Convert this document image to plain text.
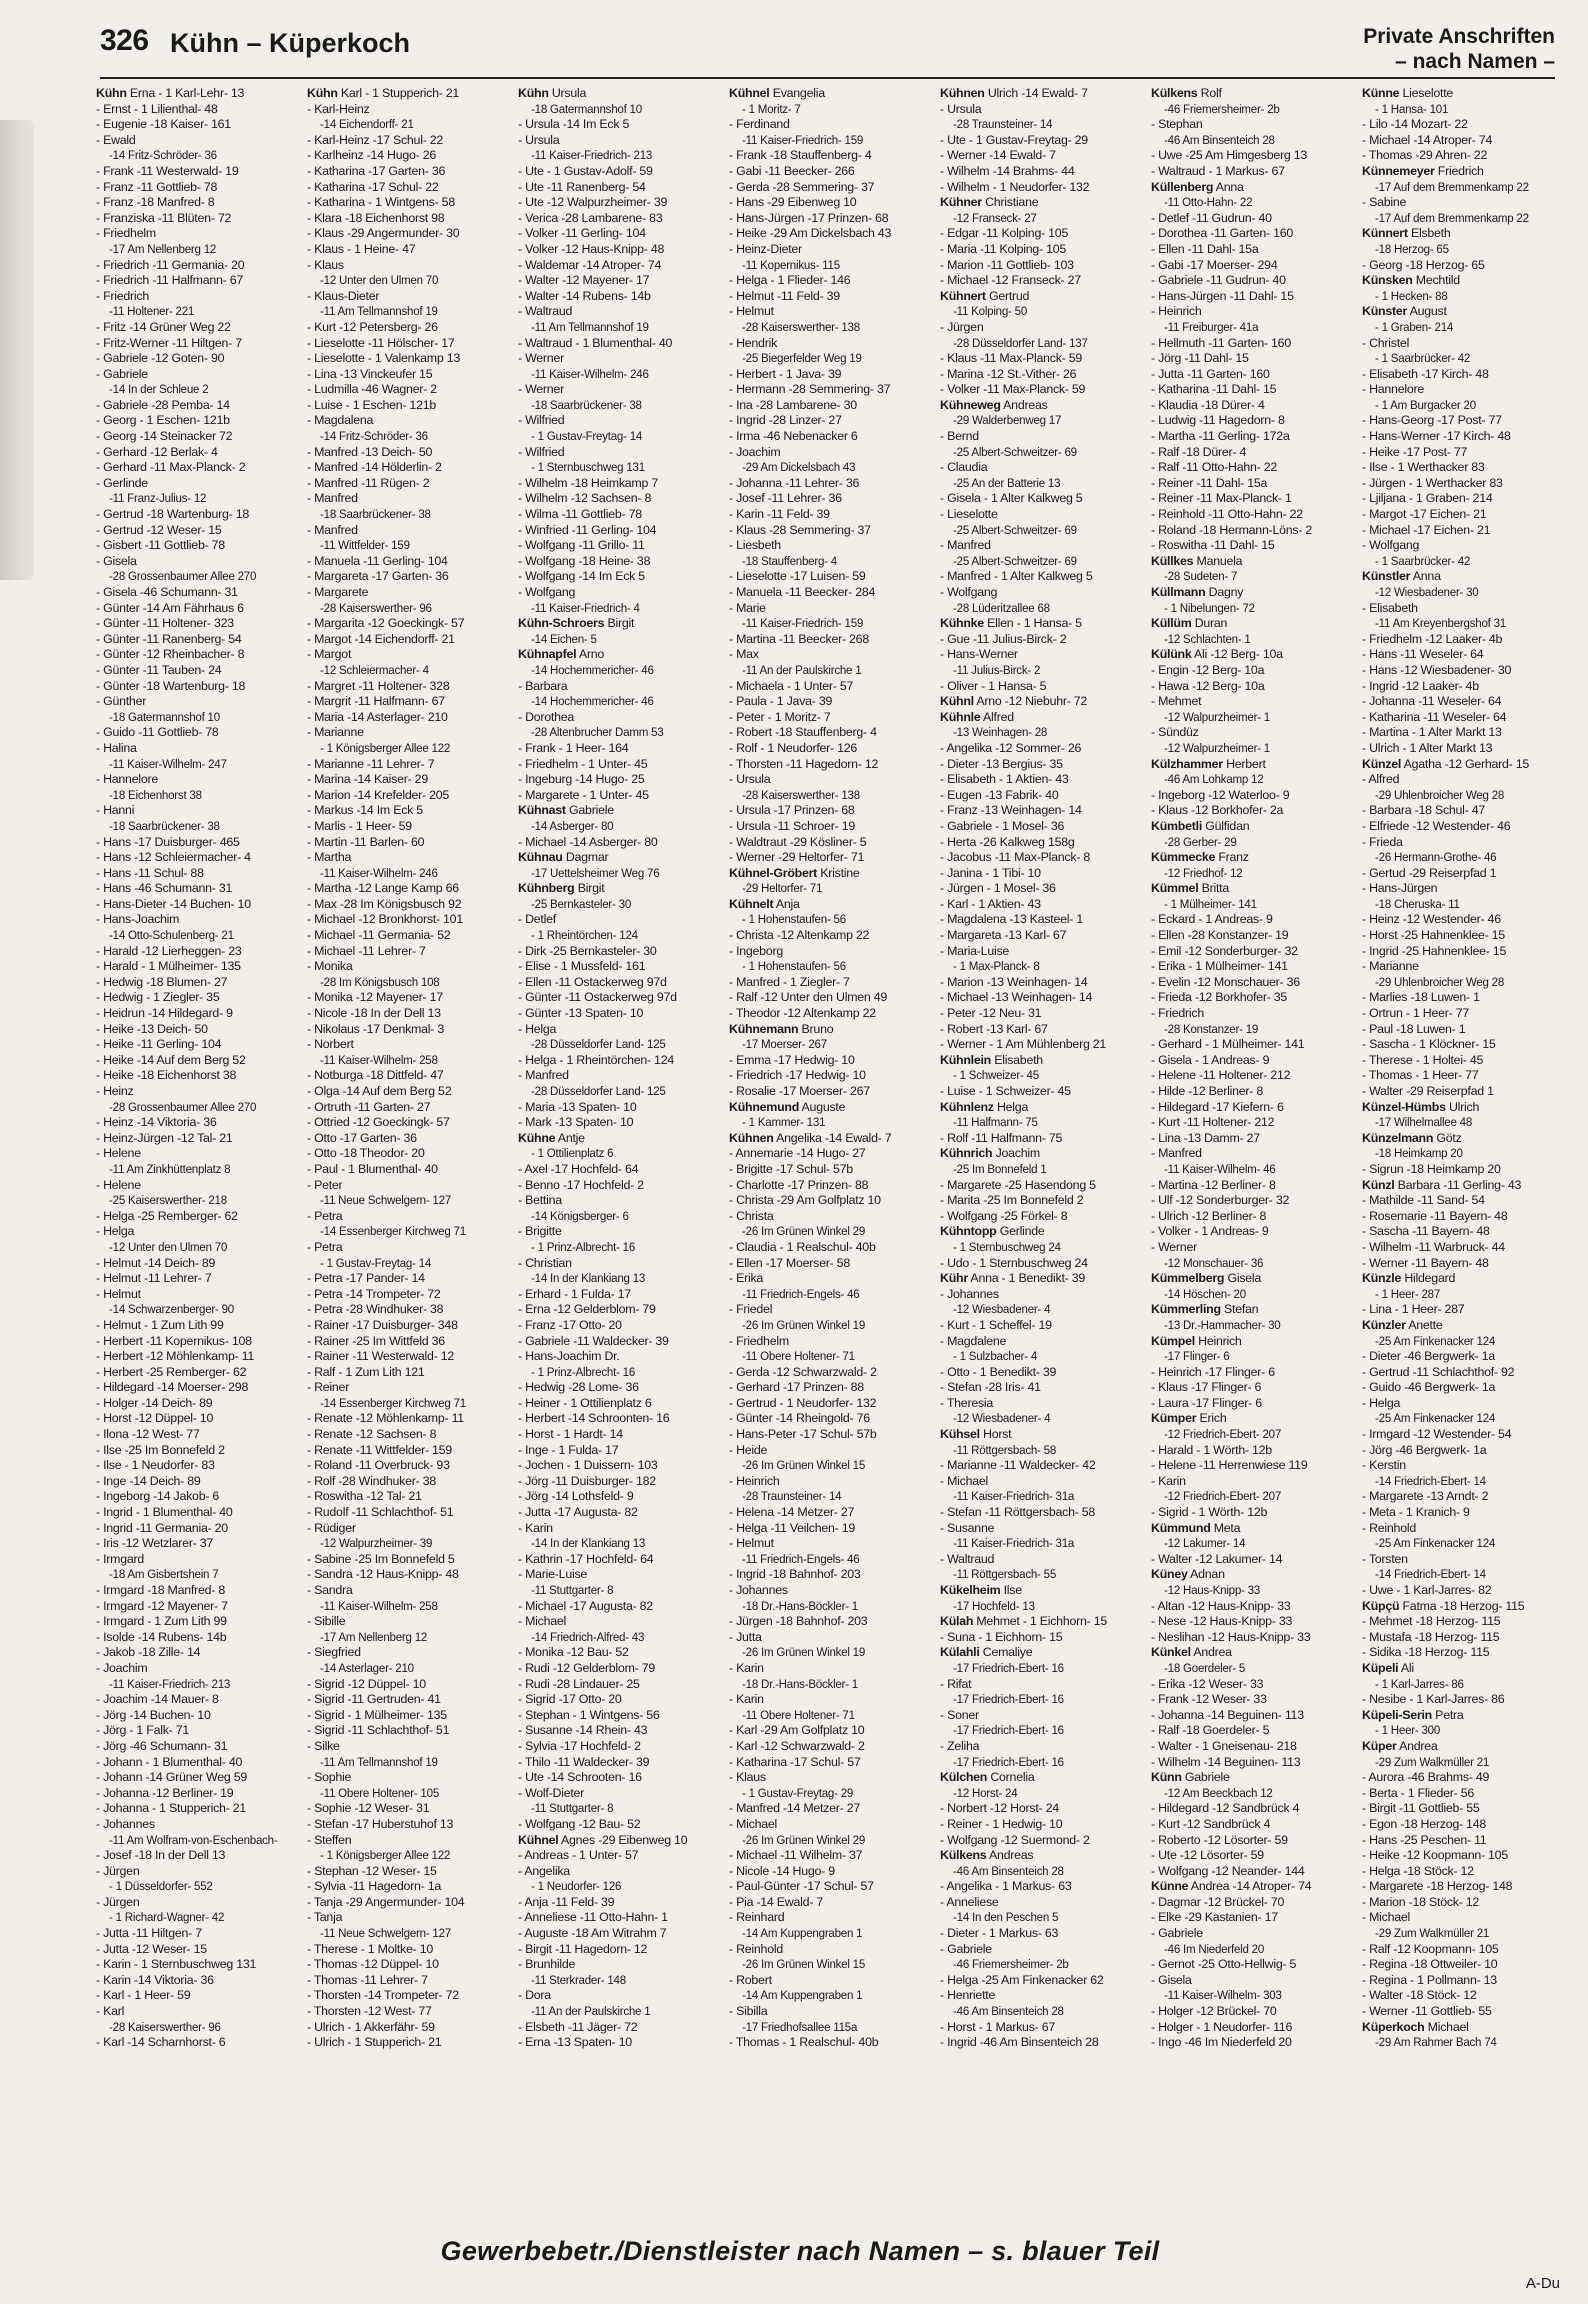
326 Kühn – Küperkoch	Private Anschriften
– nach Namen –
Kühn Erna - 1 Karl-Lehr- 13
- Ernst - 1 Lilienthal- 48
- Eugenie -18 Kaiser- 161
- Ewald
-14 Fritz-Schröder- 36
- Frank -11 Westerwald- 19
- Franz -11 Gottlieb- 78
- Franz -18 Manfred- 8
- Franziska -11 Blüten- 72
- Friedhelm
-17 Am Nellenberg 12
- Friedrich -11 Germania- 20
- Friedrich -11 Halfmann- 67
- Friedrich
-11 Holtener- 221
- Fritz -14 Grüner Weg 22
- Fritz-Werner -11 Hiltgen- 7
- Gabriele -12 Goten- 90
- Gabriele
-14 In der Schleue 2
- Gabriele -28 Pemba- 14
- Georg - 1 Eschen- 121b
- Georg -14 Steinacker 72
- Gerhard -12 Berlak- 4
- Gerhard -11 Max-Planck- 2
- Gerlinde
-11 Franz-Julius- 12
- Gertrud -18 Wartenburg- 18
- Gertrud -12 Weser- 15
- Gisbert -11 Gottlieb- 78
- Gisela
-28 Grossenbaumer Allee 270
- Gisela -46 Schumann- 31
- Günter -14 Am Fährhaus 6
- Günter -11 Holtener- 323
- Günter -11 Ranenberg- 54
- Günter -12 Rheinbacher- 8
- Günter -11 Tauben- 24
- Günter -18 Wartenburg- 18
- Günther
-18 Gatermannshof 10
- Guido -11 Gottlieb- 78
- Halina
-11 Kaiser-Wilhelm- 247
- Hannelore
-18 Eichenhorst 38
- Hanni
-18 Saarbrückener- 38
- Hans -17 Duisburger- 465
- Hans -12 Schleiermacher- 4
- Hans -11 Schul- 88
- Hans -46 Schumann- 31
- Hans-Dieter -14 Buchen- 10
- Hans-Joachim
-14 Otto-Schulenberg- 21
- Harald -12 Lierheggen- 23
- Harald - 1 Mülheimer- 135
- Hedwig -18 Blumen- 27
- Hedwig - 1 Ziegler- 35
- Heidrun -14 Hildegard- 9
- Heike -13 Deich- 50
- Heike -11 Gerling- 104
- Heike -14 Auf dem Berg 52
- Heike -18 Eichenhorst 38
- Heinz
-28 Grossenbaumer Allee 270
- Heinz -14 Viktoria- 36
- Heinz-Jürgen -12 Tal- 21
- Helene
-11 Am Zinkhüttenplatz 8
- Helene
-25 Kaiserswerther- 218
- Helga -25 Remberger- 62
- Helga
-12 Unter den Ulmen 70
- Helmut -14 Deich- 89
- Helmut -11 Lehrer- 7
- Helmut
-14 Schwarzenberger- 90
- Helmut - 1 Zum Lith 99
- Herbert -11 Kopernikus- 108
- Herbert -12 Möhlenkamp- 11
- Herbert -25 Remberger- 62
- Hildegard -14 Moerser- 298
- Holger -14 Deich- 89
- Horst -12 Düppel- 10
- Ilona -12 West- 77
- Ilse -25 Im Bonnefeld 2
- Ilse - 1 Neudorfer- 83
- Inge -14 Deich- 89
- Ingeborg -14 Jakob- 6
- Ingrid - 1 Blumenthal- 40
- Ingrid -11 Germania- 20
- Iris -12 Wetzlarer- 37
- Irmgard
-18 Am Gisbertshein 7
- Irmgard -18 Manfred- 8
- Irmgard -12 Mayener- 7
- Irmgard - 1 Zum Lith 99
- Isolde -14 Rubens- 14b
- Jakob -18 Zille- 14
- Joachim
-11 Kaiser-Friedrich- 213
- Joachim -14 Mauer- 8
- Jörg -14 Buchen- 10
- Jörg - 1 Falk- 71
- Jörg -46 Schumann- 31
- Johann - 1 Blumenthal- 40
- Johann -14 Grüner Weg 59
- Johanna -12 Berliner- 19
- Johanna - 1 Stupperich- 21
- Johannes
-11 Am Wolfram-von-Eschenbach-
- Josef -18 In der Dell 13
- Jürgen
- 1 Düsseldorfer- 552
- Jürgen
- 1 Richard-Wagner- 42
- Jutta -11 Hiltgen- 7
- Jutta -12 Weser- 15
- Karin - 1 Sternbuschweg 131
- Karin -14 Viktoria- 36
- Karl - 1 Heer- 59
- Karl
-28 Kaiserswerther- 96
- Karl -14 Scharnhorst- 6
Kühn Karl - 1 Stupperich- 21
- Karl-Heinz
-14 Eichendorff- 21
- Karl-Heinz -17 Schul- 22
- Karlheinz -14 Hugo- 26
- Katharina -17 Garten- 36
- Katharina -17 Schul- 22
- Katharina - 1 Wintgens- 58
- Klara -18 Eichenhorst 98
- Klaus -29 Angermunder- 30
- Klaus - 1 Heine- 47
- Klaus
-12 Unter den Ulmen 70
- Klaus-Dieter
-11 Am Tellmannshof 19
- Kurt -12 Petersberg- 26
- Lieselotte -11 Hölscher- 17
- Lieselotte - 1 Valenkamp 13
- Lina -13 Vinckeufer 15
- Ludmilla -46 Wagner- 2
- Luise - 1 Eschen- 121b
- Magdalena
-14 Fritz-Schröder- 36
- Manfred -13 Deich- 50
- Manfred -14 Hölderlin- 2
- Manfred -11 Rügen- 2
- Manfred
-18 Saarbrückener- 38
- Manfred
-11 Wittfelder- 159
- Manuela -11 Gerling- 104
- Margareta -17 Garten- 36
- Margarete
-28 Kaiserswerther- 96
- Margarita -12 Goeckingk- 57
- Margot -14 Eichendorff- 21
- Margot
-12 Schleiermacher- 4
- Margret -11 Holtener- 328
- Margrit -11 Halfmann- 67
- Maria -14 Asterlager- 210
- Marianne
- 1 Königsberger Allee 122
- Marianne -11 Lehrer- 7
- Marina -14 Kaiser- 29
- Marion -14 Krefelder- 205
- Markus -14 Im Eck 5
- Marlis - 1 Heer- 59
- Martin -11 Barlen- 60
- Martha
-11 Kaiser-Wilhelm- 246
- Martha -12 Lange Kamp 66
- Max -28 Im Königsbusch 92
- Michael -12 Bronkhorst- 101
- Michael -11 Germania- 52
- Michael -11 Lehrer- 7
- Monika
-28 Im Königsbusch 108
- Monika -12 Mayener- 17
- Nicole -18 In der Dell 13
- Nikolaus -17 Denkmal- 3
- Norbert
-11 Kaiser-Wilhelm- 258
- Notburga -18 Dittfeld- 47
- Olga -14 Auf dem Berg 52
- Ortruth -11 Garten- 27
- Ottried -12 Goeckingk- 57
- Otto -17 Garten- 36
- Otto -18 Theodor- 20
- Paul - 1 Blumenthal- 40
- Peter
-11 Neue Schwelgern- 127
- Petra
-14 Essenberger Kirchweg 71
- Petra
- 1 Gustav-Freytag- 14
- Petra -17 Pander- 14
- Petra -14 Trompeter- 72
- Petra -28 Windhuker- 38
- Rainer -17 Duisburger- 348
- Rainer -25 Im Wittfeld 36
- Rainer -11 Westerwald- 12
- Ralf - 1 Zum Lith 121
- Reiner
-14 Essenberger Kirchweg 71
- Renate -12 Möhlenkamp- 11
- Renate -12 Sachsen- 8
- Renate -11 Wittfelder- 159
- Roland -11 Overbruck- 93
- Rolf -28 Windhuker- 38
- Roswitha -12 Tal- 21
- Rudolf -11 Schlachthof- 51
- Rüdiger
-12 Walpurzheimer- 39
- Sabine -25 Im Bonnefeld 5
- Sandra -12 Haus-Knipp- 48
- Sandra
-11 Kaiser-Wilhelm- 258
- Sibille
-17 Am Nellenberg 12
- Siegfried
-14 Asterlager- 210
- Sigrid -12 Düppel- 10
- Sigrid -11 Gertruden- 41
- Sigrid - 1 Mülheimer- 135
- Sigrid -11 Schlachthof- 51
- Silke
-11 Am Tellmannshof 19
- Sophie
-11 Obere Holtener- 105
- Sophie -12 Weser- 31
- Stefan -17 Huberstuhof 13
- Steffen
- 1 Königsberger Allee 122
- Stephan -12 Weser- 15
- Sylvia -11 Hagedorn- 1a
- Tanja -29 Angermunder- 104
- Tanja
-11 Neue Schwelgern- 127
- Therese - 1 Moltke- 10
- Thomas -12 Düppel- 10
- Thomas -11 Lehrer- 7
- Thorsten -14 Trompeter- 72
- Thorsten -12 West- 77
- Ulrich - 1 Akkerfähr- 59
- Ulrich - 1 Stupperich- 21
Kühn Ursula
-18 Gatermannshof 10
- Ursula -14 Im Eck 5
- Ursula
-11 Kaiser-Friedrich- 213
- Ute - 1 Gustav-Adolf- 59
- Ute -11 Ranenberg- 54
- Ute -12 Walpurzheimer- 39
- Verica -28 Lambarene- 83
- Volker -11 Gerling- 104
- Volker -12 Haus-Knipp- 48
- Waldemar -14 Atroper- 74
- Walter -12 Mayener- 17
- Walter -14 Rubens- 14b
- Waltraud
-11 Am Tellmannshof 19
- Waltraud - 1 Blumenthal- 40
- Werner
-11 Kaiser-Wilhelm- 246
- Werner
-18 Saarbrückener- 38
- Wilfried
- 1 Gustav-Freytag- 14
- Wilfried
- 1 Sternbuschweg 131
- Wilhelm -18 Heimkamp 7
- Wilhelm -12 Sachsen- 8
- Wilma -11 Gottlieb- 78
- Winfried -11 Gerling- 104
- Wolfgang -11 Grillo- 11
- Wolfgang -18 Heine- 38
- Wolfgang -14 Im Eck 5
- Wolfgang
-11 Kaiser-Friedrich- 4
Kühn-Schroers Birgit
-14 Eichen- 5
Kühnapfel Arno
-14 Hochemmericher- 46
- Barbara
-14 Hochemmericher- 46
- Dorothea
-28 Altenbrucher Damm 53
- Frank - 1 Heer- 164
- Friedhelm - 1 Unter- 45
- Ingeburg -14 Hugo- 25
- Margarete - 1 Unter- 45
Kühnast Gabriele
-14 Asberger- 80
- Michael -14 Asberger- 80
Kühnau Dagmar
-17 Uettelsheimer Weg 76
Kühnberg Birgit
-25 Bernkasteler- 30
- Detlef
- 1 Rheintörchen- 124
- Dirk -25 Bernkasteler- 30
- Elise - 1 Mussfeld- 161
- Ellen -11 Ostackerweg 97d
- Günter -11 Ostackerweg 97d
- Günter -13 Spaten- 10
- Helga
-28 Düsseldorfer Land- 125
- Helga - 1 Rheintörchen- 124
- Manfred
-28 Düsseldorfer Land- 125
- Maria -13 Spaten- 10
- Mark -13 Spaten- 10
Kühne Antje
- 1 Ottilienplatz 6
- Axel -17 Hochfeld- 64
- Benno -17 Hochfeld- 2
- Bettina
-14 Königsberger- 6
- Brigitte
- 1 Prinz-Albrecht- 16
- Christian
-14 In der Klankiang 13
- Erhard - 1 Fulda- 17
- Erna -12 Gelderblom- 79
- Franz -17 Otto- 20
- Gabriele -11 Waldecker- 39
- Hans-Joachim Dr.
- 1 Prinz-Albrecht- 16
- Hedwig -28 Lome- 36
- Heiner - 1 Ottilienplatz 6
- Herbert -14 Schroonten- 16
- Horst - 1 Hardt- 14
- Inge - 1 Fulda- 17
- Jochen - 1 Duissern- 103
- Jörg -11 Duisburger- 182
- Jörg -14 Lothsfeld- 9
- Jutta -17 Augusta- 82
- Karin
-14 In der Klankiang 13
- Kathrin -17 Hochfeld- 64
- Marie-Luise
-11 Stuttgarter- 8
- Michael -17 Augusta- 82
- Michael
-14 Friedrich-Alfred- 43
- Monika -12 Bau- 52
- Rudi -12 Gelderblom- 79
- Rudi -28 Lindauer- 25
- Sigrid -17 Otto- 20
- Stephan - 1 Wintgens- 56
- Susanne -14 Rhein- 43
- Sylvia -17 Hochfeld- 2
- Thilo -11 Waldecker- 39
- Ute -14 Schrooten- 16
- Wolf-Dieter
-11 Stuttgarter- 8
- Wolfgang -12 Bau- 52
Kühnel Agnes -29 Eibenweg 10
- Andreas - 1 Unter- 57
- Angelika
- 1 Neudorfer- 126
- Anja -11 Feld- 39
- Anneliese -11 Otto-Hahn- 1
- Auguste -18 Am Witrahm 7
- Birgit -11 Hagedorn- 12
- Brunhilde
-11 Sterkrader- 148
- Dora
-11 An der Paulskirche 1
- Elsbeth -11 Jäger- 72
- Erna -13 Spaten- 10
Kühnel Evangelia
- 1 Moritz- 7
- Ferdinand
-11 Kaiser-Friedrich- 159
- Frank -18 Stauffenberg- 4
- Gabi -11 Beecker- 266
- Gerda -28 Semmering- 37
- Hans -29 Eibenweg 10
- Hans-Jürgen -17 Prinzen- 68
- Heike -29 Am Dickelsbach 43
- Heinz-Dieter
-11 Kopernikus- 115
- Helga - 1 Flieder- 146
- Helmut -11 Feld- 39
- Helmut
-28 Kaiserswerther- 138
- Hendrik
-25 Biegerfelder Weg 19
- Herbert - 1 Java- 39
- Hermann -28 Semmering- 37
- Ina -28 Lambarene- 30
- Ingrid -28 Linzer- 27
- Irma -46 Nebenacker 6
- Joachim
-29 Am Dickelsbach 43
- Johanna -11 Lehrer- 36
- Josef -11 Lehrer- 36
- Karin -11 Feld- 39
- Klaus -28 Semmering- 37
- Liesbeth
-18 Stauffenberg- 4
- Lieselotte -17 Luisen- 59
- Manuela -11 Beecker- 284
- Marie
-11 Kaiser-Friedrich- 159
- Martina -11 Beecker- 268
- Max
-11 An der Paulskirche 1
- Michaela - 1 Unter- 57
- Paula - 1 Java- 39
- Peter - 1 Moritz- 7
- Robert -18 Stauffenberg- 4
- Rolf - 1 Neudorfer- 126
- Thorsten -11 Hagedorn- 12
- Ursula
-28 Kaiserswerther- 138
- Ursula -17 Prinzen- 68
- Ursula -11 Schroer- 19
- Waldtraut -29 Kösliner- 5
- Werner -29 Heltorfer- 71
Kühnel-Gröbert Kristine
-29 Heltorfer- 71
Kühnelt Anja
- 1 Hohenstaufen- 56
- Christa -12 Altenkamp 22
- Ingeborg
- 1 Hohenstaufen- 56
- Manfred - 1 Ziegler- 7
- Ralf -12 Unter den Ulmen 49
- Theodor -12 Altenkamp 22
Kühnemann Bruno
-17 Moerser- 267
- Emma -17 Hedwig- 10
- Friedrich -17 Hedwig- 10
- Rosalie -17 Moerser- 267
Kühnemund Auguste
- 1 Kammer- 131
Kühnen Angelika -14 Ewald- 7
- Annemarie -14 Hugo- 27
- Brigitte -17 Schul- 57b
- Charlotte -17 Prinzen- 88
- Christa -29 Am Golfplatz 10
- Christa
-26 Im Grünen Winkel 29
- Claudia - 1 Realschul- 40b
- Ellen -17 Moerser- 58
- Erika
-11 Friedrich-Engels- 46
- Friedel
-26 Im Grünen Winkel 19
- Friedhelm
-11 Obere Holtener- 71
- Gerda -12 Schwarzwald- 2
- Gerhard -17 Prinzen- 88
- Gertrud - 1 Neudorfer- 132
- Günter -14 Rheingold- 76
- Hans-Peter -17 Schul- 57b
- Heide
-26 Im Grünen Winkel 15
- Heinrich
-28 Traunsteiner- 14
- Helena -14 Metzer- 27
- Helga -11 Veilchen- 19
- Helmut
-11 Friedrich-Engels- 46
- Ingrid -18 Bahnhof- 203
- Johannes
-18 Dr.-Hans-Böckler- 1
- Jürgen -18 Bahnhof- 203
- Jutta
-26 Im Grünen Winkel 19
- Karin
-18 Dr.-Hans-Böckler- 1
- Karin
-11 Obere Holtener- 71
- Karl -29 Am Golfplatz 10
- Karl -12 Schwarzwald- 2
- Katharina -17 Schul- 57
- Klaus
- 1 Gustav-Freytag- 29
- Manfred -14 Metzer- 27
- Michael
-26 Im Grünen Winkel 29
- Michael -11 Wilhelm- 37
- Nicole -14 Hugo- 9
- Paul-Günter -17 Schul- 57
- Pia -14 Ewald- 7
- Reinhard
-14 Am Kuppengraben 1
- Reinhold
-26 Im Grünen Winkel 15
- Robert
-14 Am Kuppengraben 1
- Sibilla
-17 Friedhofsallee 115a
- Thomas - 1 Realschul- 40b
Kühnen Ulrich -14 Ewald- 7
- Ursula
-28 Traunsteiner- 14
- Ute - 1 Gustav-Freytag- 29
- Werner -14 Ewald- 7
- Wilhelm -14 Brahms- 44
- Wilhelm - 1 Neudorfer- 132
Kühner Christiane
-12 Franseck- 27
- Edgar -11 Kolping- 105
- Maria -11 Kolping- 105
- Marion -11 Gottlieb- 103
- Michael -12 Franseck- 27
Kühnert Gertrud
-11 Kolping- 50
- Jürgen
-28 Düsseldorfer Land- 137
- Klaus -11 Max-Planck- 59
- Marina -12 St.-Vither- 26
- Volker -11 Max-Planck- 59
Kühneweg Andreas
-29 Walderbenweg 17
- Bernd
-25 Albert-Schweitzer- 69
- Claudia
-25 An der Batterie 13
- Gisela - 1 Alter Kalkweg 5
- Lieselotte
-25 Albert-Schweitzer- 69
- Manfred
-25 Albert-Schweitzer- 69
- Manfred - 1 Alter Kalkweg 5
- Wolfgang
-28 Lüderitzallee 68
Kühnke Ellen - 1 Hansa- 5
- Gue -11 Julius-Birck- 2
- Hans-Werner
-11 Julius-Birck- 2
- Oliver - 1 Hansa- 5
Kühnl Arno -12 Niebuhr- 72
Kühnle Alfred
-13 Weinhagen- 28
- Angelika -12 Sommer- 26
- Dieter -13 Bergius- 35
- Elisabeth - 1 Aktien- 43
- Eugen -13 Fabrik- 40
- Franz -13 Weinhagen- 14
- Gabriele - 1 Mosel- 36
- Herta -26 Kalkweg 158g
- Jacobus -11 Max-Planck- 8
- Janina - 1 Tibi- 10
- Jürgen - 1 Mosel- 36
- Karl - 1 Aktien- 43
- Magdalena -13 Kasteel- 1
- Margareta -13 Karl- 67
- Maria-Luise
- 1 Max-Planck- 8
- Marion -13 Weinhagen- 14
- Michael -13 Weinhagen- 14
- Peter -12 Neu- 31
- Robert -13 Karl- 67
- Werner - 1 Am Mühlenberg 21
Kühnlein Elisabeth
- 1 Schweizer- 45
- Luise - 1 Schweizer- 45
Kühnlenz Helga
-11 Halfmann- 75
- Rolf -11 Halfmann- 75
Kühnrich Joachim
-25 Im Bonnefeld 1
- Margarete -25 Hasendong 5
- Marita -25 Im Bonnefeld 2
- Wolfgang -25 Förkel- 8
Kühntopp Gerlinde
- 1 Sternbuschweg 24
- Udo - 1 Sternbuschweg 24
Kühr Anna - 1 Benedikt- 39
- Johannes
-12 Wiesbadener- 4
- Kurt - 1 Scheffel- 19
- Magdalene
- 1 Sulzbacher- 4
- Otto - 1 Benedikt- 39
- Stefan -28 Iris- 41
- Theresia
-12 Wiesbadener- 4
Kühsel Horst
-11 Röttgersbach- 58
- Marianne -11 Waldecker- 42
- Michael
-11 Kaiser-Friedrich- 31a
- Stefan -11 Röttgersbach- 58
- Susanne
-11 Kaiser-Friedrich- 31a
- Waltraud
-11 Röttgersbach- 55
Kükelheim Ilse
-17 Hochfeld- 13
Külah Mehmet - 1 Eichhorn- 15
- Suna - 1 Eichhorn- 15
Külahli Cemaliye
-17 Friedrich-Ebert- 16
- Rifat
-17 Friedrich-Ebert- 16
- Soner
-17 Friedrich-Ebert- 16
- Zeliha
-17 Friedrich-Ebert- 16
Külchen Cornelia
-12 Horst- 24
- Norbert -12 Horst- 24
- Reiner - 1 Hedwig- 10
- Wolfgang -12 Suermond- 2
Külkens Andreas
-46 Am Binsenteich 28
- Angelika - 1 Markus- 63
- Anneliese
-14 In den Peschen 5
- Dieter - 1 Markus- 63
- Gabriele
-46 Friemersheimer- 2b
- Helga -25 Am Finkenacker 62
- Henriette
-46 Am Binsenteich 28
- Horst - 1 Markus- 67
- Ingrid -46 Am Binsenteich 28
Külkens Rolf
-46 Friemersheimer- 2b
- Stephan
-46 Am Binsenteich 28
- Uwe -25 Am Himgesberg 13
- Waltraud - 1 Markus- 67
Küllenberg Anna
-11 Otto-Hahn- 22
- Detlef -11 Gudrun- 40
- Dorothea -11 Garten- 160
- Ellen -11 Dahl- 15a
- Gabi -17 Moerser- 294
- Gabriele -11 Gudrun- 40
- Hans-Jürgen -11 Dahl- 15
- Heinrich
-11 Freiburger- 41a
- Hellmuth -11 Garten- 160
- Jörg -11 Dahl- 15
- Jutta -11 Garten- 160
- Katharina -11 Dahl- 15
- Klaudia -18 Dürer- 4
- Ludwig -11 Hagedorn- 8
- Martha -11 Gerling- 172a
- Ralf -18 Dürer- 4
- Ralf -11 Otto-Hahn- 22
- Reiner -11 Dahl- 15a
- Reiner -11 Max-Planck- 1
- Reinhold -11 Otto-Hahn- 22
- Roland -18 Hermann-Löns- 2
- Roswitha -11 Dahl- 15
Küllkes Manuela
-28 Sudeten- 7
Küllmann Dagny
- 1 Nibelungen- 72
Küllüm Duran
-12 Schlachten- 1
Külünk Ali -12 Berg- 10a
- Engin -12 Berg- 10a
- Hawa -12 Berg- 10a
- Mehmet
-12 Walpurzheimer- 1
- Sündüz
-12 Walpurzheimer- 1
Külzhammer Herbert
-46 Am Lohkamp 12
- Ingeborg -12 Waterloo- 9
- Klaus -12 Borkhofer- 2a
Kümbetli Gülfidan
-28 Gerber- 29
Kümmecke Franz
-12 Friedhof- 12
Kümmel Britta
- 1 Mülheimer- 141
- Eckard - 1 Andreas- 9
- Ellen -28 Konstanzer- 19
- Emil -12 Sonderburger- 32
- Erika - 1 Mülheimer- 141
- Evelin -12 Monschauer- 36
- Frieda -12 Borkhofer- 35
- Friedrich
-28 Konstanzer- 19
- Gerhard - 1 Mülheimer- 141
- Gisela - 1 Andreas- 9
- Helene -11 Holtener- 212
- Hilde -12 Berliner- 8
- Hildegard -17 Kiefern- 6
- Kurt -11 Holtener- 212
- Lina -13 Damm- 27
- Manfred
-11 Kaiser-Wilhelm- 46
- Martina -12 Berliner- 8
- Ulf -12 Sonderburger- 32
- Ulrich -12 Berliner- 8
- Volker - 1 Andreas- 9
- Werner
-12 Monschauer- 36
Kümmelberg Gisela
-14 Höschen- 20
Kümmerling Stefan
-13 Dr.-Hammacher- 30
Kümpel Heinrich
-17 Flinger- 6
- Heinrich -17 Flinger- 6
- Klaus -17 Flinger- 6
- Laura -17 Flinger- 6
Kümper Erich
-12 Friedrich-Ebert- 207
- Harald - 1 Wörth- 12b
- Helene -11 Herrenwiese 119
- Karin
-12 Friedrich-Ebert- 207
- Sigrid - 1 Wörth- 12b
Kümmund Meta
-12 Lakumer- 14
- Walter -12 Lakumer- 14
Küney Adnan
-12 Haus-Knipp- 33
- Altan -12 Haus-Knipp- 33
- Nese -12 Haus-Knipp- 33
- Neslihan -12 Haus-Knipp- 33
Künkel Andrea
-18 Goerdeler- 5
- Erika -12 Weser- 33
- Frank -12 Weser- 33
- Johanna -14 Beguinen- 113
- Ralf -18 Goerdeler- 5
- Walter - 1 Gneisenau- 218
- Wilhelm -14 Beguinen- 113
Künn Gabriele
-12 Am Beeckbach 12
- Hildegard -12 Sandbrück 4
- Kurt -12 Sandbrück 4
- Roberto -12 Lösorter- 59
- Ute -12 Lösorter- 59
- Wolfgang -12 Neander- 144
Künne Andrea -14 Atroper- 74
- Dagmar -12 Brückel- 70
- Elke -29 Kastanien- 17
- Gabriele
-46 Im Niederfeld 20
- Gernot -25 Otto-Hellwig- 5
- Gisela
-11 Kaiser-Wilhelm- 303
- Holger -12 Brückel- 70
- Holger - 1 Neudorfer- 116
- Ingo -46 Im Niederfeld 20
Künne Lieselotte
- 1 Hansa- 101
- Lilo -14 Mozart- 22
- Michael -14 Atroper- 74
- Thomas -29 Ahren- 22
Künnemeyer Friedrich
-17 Auf dem Bremmenkamp 22
- Sabine
-17 Auf dem Bremmenkamp 22
Künnert Elsbeth
-18 Herzog- 65
- Georg -18 Herzog- 65
Künsken Mechtild
- 1 Hecken- 88
Künster August
- 1 Graben- 214
- Christel
- 1 Saarbrücker- 42
- Elisabeth -17 Kirch- 48
- Hannelore
- 1 Am Burgacker 20
- Hans-Georg -17 Post- 77
- Hans-Werner -17 Kirch- 48
- Heike -17 Post- 77
- Ilse - 1 Werthacker 83
- Jürgen - 1 Werthacker 83
- Ljiljana - 1 Graben- 214
- Margot -17 Eichen- 21
- Michael -17 Eichen- 21
- Wolfgang
- 1 Saarbrücker- 42
Künstler Anna
-12 Wiesbadener- 30
- Elisabeth
-11 Am Kreyenbergshof 31
- Friedhelm -12 Laaker- 4b
- Hans -11 Weseler- 64
- Hans -12 Wiesbadener- 30
- Ingrid -12 Laaker- 4b
- Johanna -11 Weseler- 64
- Katharina -11 Weseler- 64
- Martina - 1 Alter Markt 13
- Ulrich - 1 Alter Markt 13
Künzel Agatha -12 Gerhard- 15
- Alfred
-29 Uhlenbroicher Weg 28
- Barbara -18 Schul- 47
- Elfriede -12 Westender- 46
- Frieda
-26 Hermann-Grothe- 46
- Gertud -29 Reiserpfad 1
- Hans-Jürgen
-18 Cheruska- 11
- Heinz -12 Westender- 46
- Horst -25 Hahnenklee- 15
- Ingrid -25 Hahnenklee- 15
- Marianne
-29 Uhlenbroicher Weg 28
- Marlies -18 Luwen- 1
- Ortrun - 1 Heer- 77
- Paul -18 Luwen- 1
- Sascha - 1 Klöckner- 15
- Therese - 1 Holtei- 45
- Thomas - 1 Heer- 77
- Walter -29 Reiserpfad 1
Künzel-Hümbs Ulrich
-17 Wilhelmallee 48
Künzelmann Götz
-18 Heimkamp 20
- Sigrun -18 Heimkamp 20
Künzl Barbara -11 Gerling- 43
- Mathilde -11 Sand- 54
- Rosemarie -11 Bayern- 48
- Sascha -11 Bayern- 48
- Wilhelm -11 Warbruck- 44
- Werner -11 Bayern- 48
Künzle Hildegard
- 1 Heer- 287
- Lina - 1 Heer- 287
Künzler Anette
-25 Am Finkenacker 124
- Dieter -46 Bergwerk- 1a
- Gertrud -11 Schlachthof- 92
- Guido -46 Bergwerk- 1a
- Helga
-25 Am Finkenacker 124
- Irmgard -12 Westender- 54
- Jörg -46 Bergwerk- 1a
- Kerstin
-14 Friedrich-Ebert- 14
- Margarete -13 Arndt- 2
- Meta - 1 Kranich- 9
- Reinhold
-25 Am Finkenacker 124
- Torsten
-14 Friedrich-Ebert- 14
- Uwe - 1 Karl-Jarres- 82
Küpçü Fatma -18 Herzog- 115
- Mehmet -18 Herzog- 115
- Mustafa -18 Herzog- 115
- Sidika -18 Herzog- 115
Küpeli Ali
- 1 Karl-Jarres- 86
- Nesibe - 1 Karl-Jarres- 86
Küpeli-Serin Petra
- 1 Heer- 300
Küper Andrea
-29 Zum Walkmüller 21
- Aurora -46 Brahms- 49
- Berta - 1 Flieder- 56
- Birgit -11 Gottlieb- 55
- Egon -18 Herzog- 148
- Hans -25 Peschen- 11
- Heike -12 Koopmann- 105
- Helga -18 Stöck- 12
- Margarete -18 Herzog- 148
- Marion -18 Stöck- 12
- Michael
-29 Zum Walkmüller 21
- Ralf -12 Koopmann- 105
- Regina -18 Ottweiler- 10
- Regina - 1 Pollmann- 13
- Walter -18 Stöck- 12
- Werner -11 Gottlieb- 55
Küperkoch Michael
-29 Am Rahmer Bach 74
Gewerbebetr./Dienstleister nach Namen – s. blauer Teil
A-Du
